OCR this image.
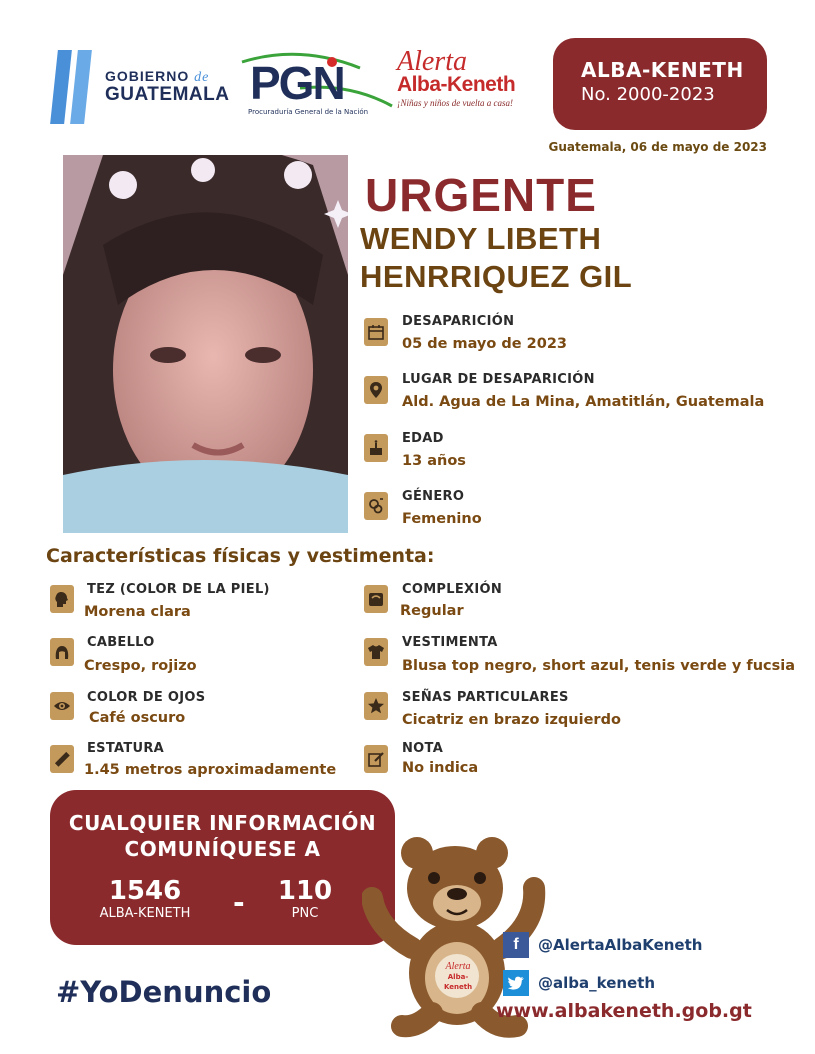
GOBIERNO de
GUATEMALA PGN
Procuraduría General de la Nación
Alerta
Alba-Keneth
¡Niñas y niños de vuelta a casa!
ALBA-KENETH
No. 2000-2023
Guatemala, 06 de mayo de 2023
URGENTE
WENDY LIBETH
HENRRIQUEZ GIL
DESAPARICIÓN
05 de mayo de 2023
LUGAR DE DESAPARICIÓN
Ald. Agua de La Mina, Amatitlán, Guatemala
EDAD
13 años
GÉNERO
Femenino
Características físicas y vestimenta:
TEZ (COLOR DE LA PIEL)
Morena clara
CABELLO
Crespo, rojizo
COLOR DE OJOS
Café oscuro
ESTATURA
1.45 metros aproximadamente
COMPLEXIÓN
Regular
VESTIMENTA
Blusa top negro, short azul, tenis verde y fucsia
SEÑAS PARTICULARES
Cicatriz en brazo izquierdo
NOTA
No indica
CUALQUIER INFORMACIÓN
COMUNÍQUESE A
1546
ALBA-KENETH	-	110
PNC
#YoDenuncio
Alerta
Alba-Keneth
f	@AlertaAlbaKeneth
@alba_keneth
www.albakeneth.gob.gt
